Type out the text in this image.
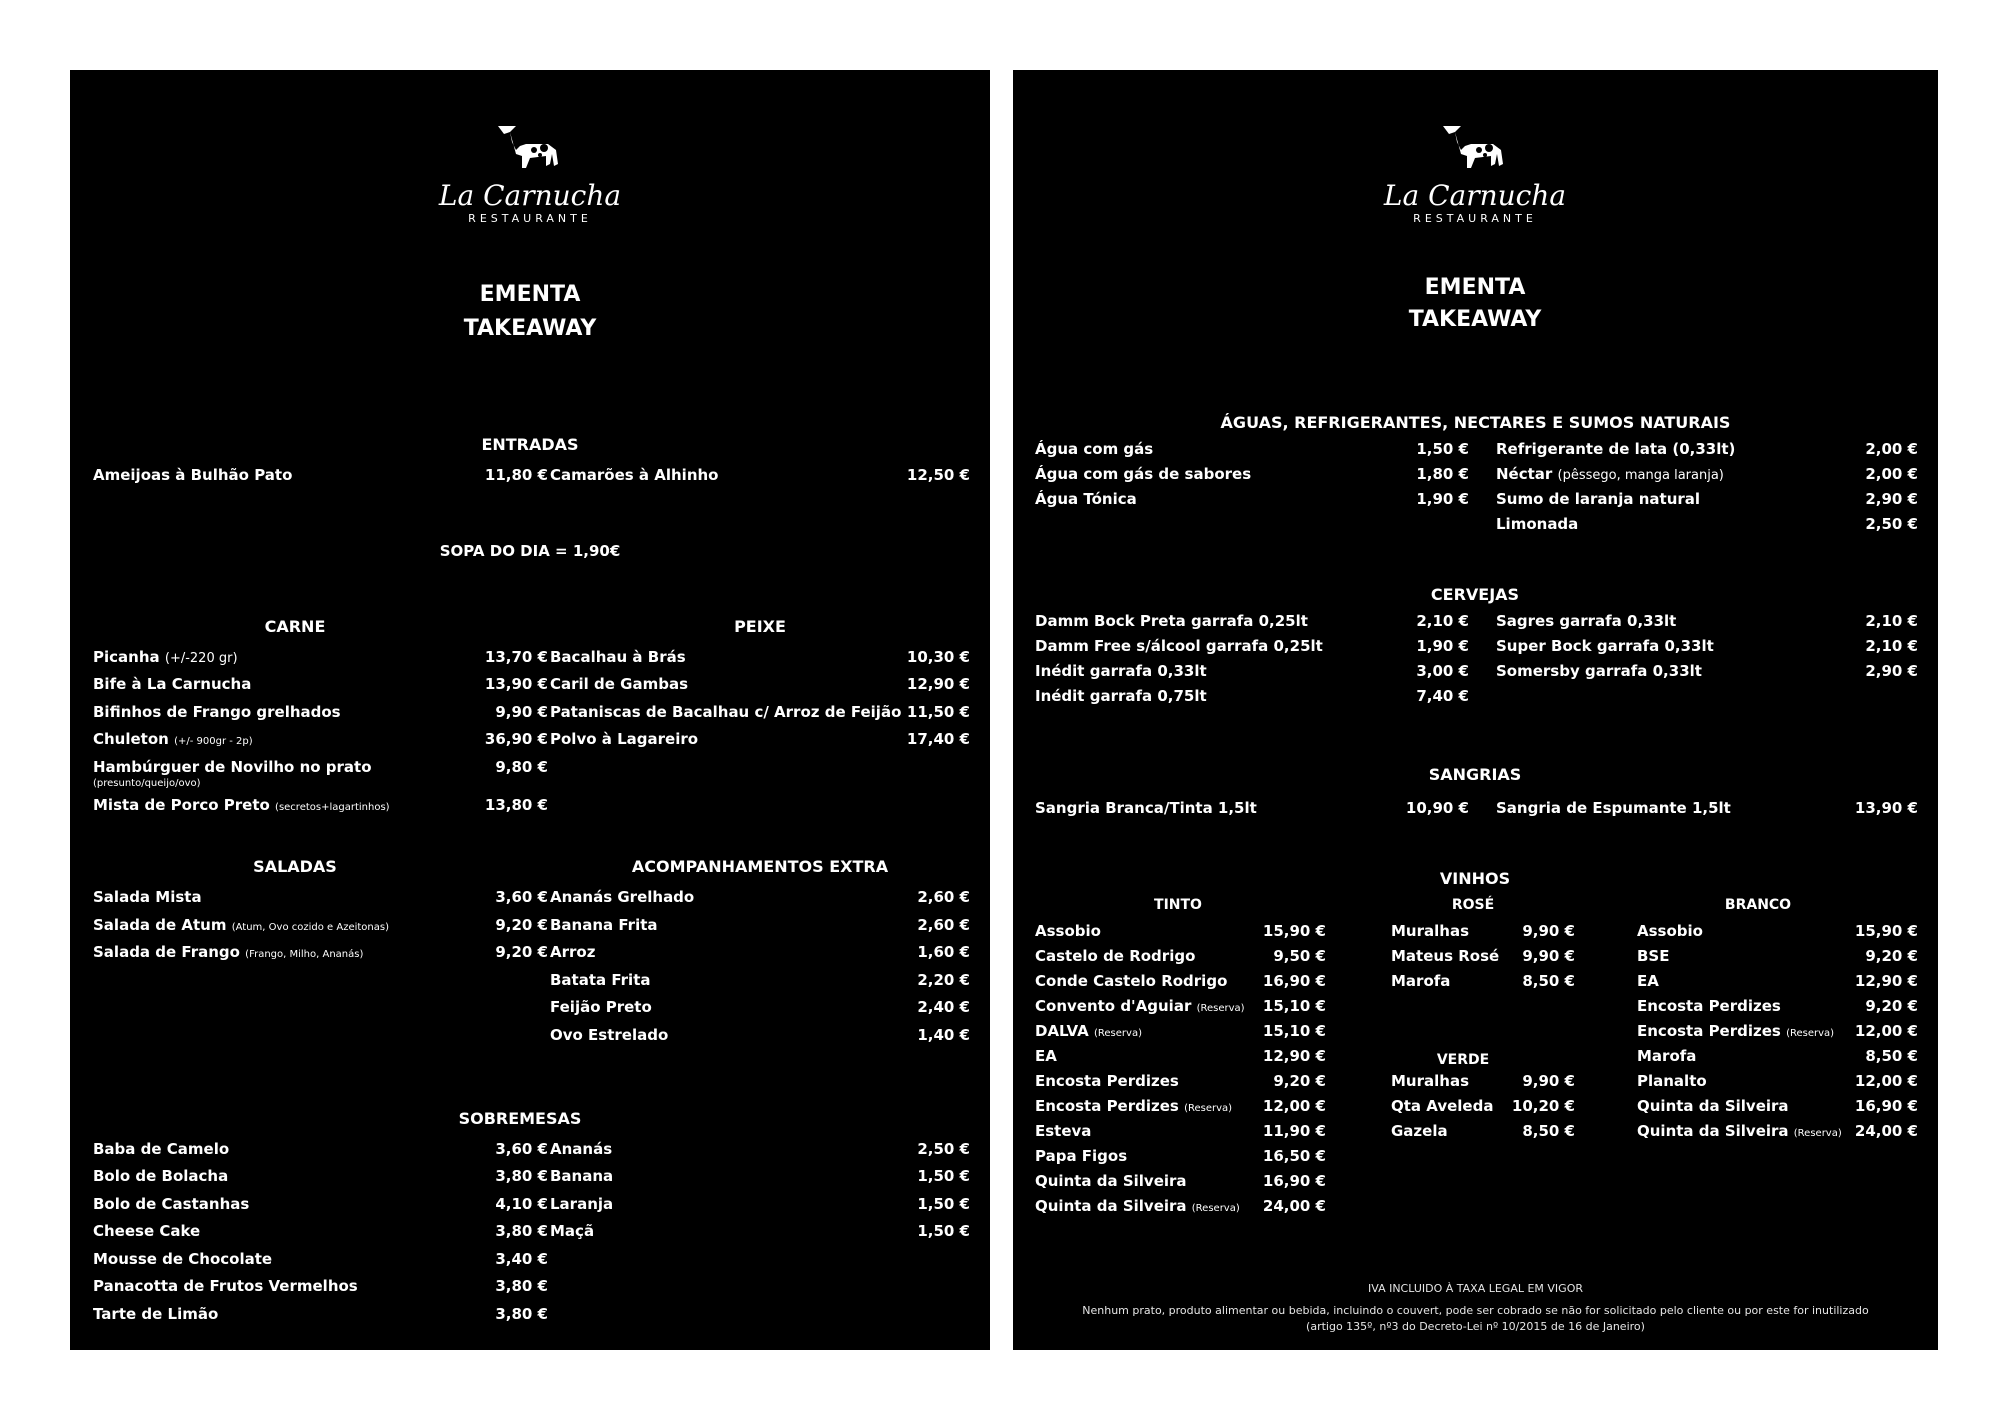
La Carnucha
RESTAURANTE
EMENTA
TAKEAWAY
ENTRADAS
Ameijoas à Bulhão Pato	11,80 € Camarões à Alhinho	12,50 €
SOPA DO DIA = 1,90€
CARNE
Picanha (+/-220 gr)	13,70 €
Bife à La Carnucha	13,90 €
Bifinhos de Frango grelhados	9,90 €
Chuleton (+/- 900gr - 2p)	36,90 €
Hambúrguer de Novilho no prato
(presunto/queijo/ovo)
9,80 €
Mista de Porco Preto (secretos+lagartinhos)	13,80 €
PEIXE
Bacalhau à Brás	10,30 €
Caril de Gambas	12,90 €
Pataniscas de Bacalhau c/ Arroz de Feijão 11,50 €
Polvo à Lagareiro	17,40 €
SALADAS
Salada Mista	3,60 €
Salada de Atum (Atum, Ovo cozido e Azeitonas)	9,20 €
Salada de Frango (Frango, Milho, Ananás)	9,20 €
ACOMPANHAMENTOS EXTRA
Ananás Grelhado	2,60 €
Banana Frita	2,60 €
Arroz	1,60 €
Batata Frita	2,20 €
Feijão Preto	2,40 €
Ovo Estrelado	1,40 €
SOBREMESAS
Baba de Camelo	3,60 €
Bolo de Bolacha	3,80 €
Bolo de Castanhas	4,10 €
Cheese Cake	3,80 €
Mousse de Chocolate	3,40 €
Panacotta de Frutos Vermelhos	3,80 €
Tarte de Limão	3,80 €
Ananás	2,50 €
Banana	1,50 €
Laranja	1,50 €
Maçã	1,50 €
La Carnucha
RESTAURANTE
EMENTA
TAKEAWAY
ÁGUAS, REFRIGERANTES, NECTARES E SUMOS NATURAIS
Água com gás	1,50 €
Água com gás de sabores	1,80 €
Água Tónica	1,90 €
Refrigerante de lata (0,33lt)	2,00 €
Néctar (pêssego, manga laranja)	2,00 €
Sumo de laranja natural	2,90 €
Limonada	2,50 €
CERVEJAS
Damm Bock Preta garrafa 0,25lt	2,10 €
Damm Free s/álcool garrafa 0,25lt	1,90 €
Inédit garrafa 0,33lt	3,00 €
Inédit garrafa 0,75lt	7,40 €
Sagres garrafa 0,33lt	2,10 €
Super Bock garrafa 0,33lt	2,10 €
Somersby garrafa 0,33lt	2,90 €
SANGRIAS
Sangria Branca/Tinta 1,5lt	10,90 € Sangria de Espumante 1,5lt	13,90 €
VINHOS
TINTO
Assobio	15,90 €
Castelo de Rodrigo	9,50 €
Conde Castelo Rodrigo	16,90 €
Convento d'Aguiar (Reserva)	15,10 €
DALVA (Reserva)	15,10 €
EA	12,90 €
Encosta Perdizes	9,20 €
Encosta Perdizes (Reserva)	12,00 €
Esteva	11,90 €
Papa Figos	16,50 €
Quinta da Silveira	16,90 €
Quinta da Silveira (Reserva)	24,00 €
ROSÉ
Muralhas	9,90 €
Mateus Rosé	9,90 €
Marofa	8,50 €
VERDE
Muralhas	9,90 €
Qta Aveleda	10,20 €
Gazela	8,50 €
BRANCO
Assobio	15,90 €
BSE	9,20 €
EA	12,90 €
Encosta Perdizes	9,20 €
Encosta Perdizes (Reserva)	12,00 €
Marofa	8,50 €
Planalto	12,00 €
Quinta da Silveira	16,90 €
Quinta da Silveira (Reserva) 24,00 €
IVA INCLUIDO À TAXA LEGAL EM VIGOR
Nenhum prato, produto alimentar ou bebida, incluindo o couvert, pode ser cobrado se não for solicitado pelo cliente ou por este for inutilizado
(artigo 135º, nº3 do Decreto-Lei nº 10/2015 de 16 de Janeiro)
